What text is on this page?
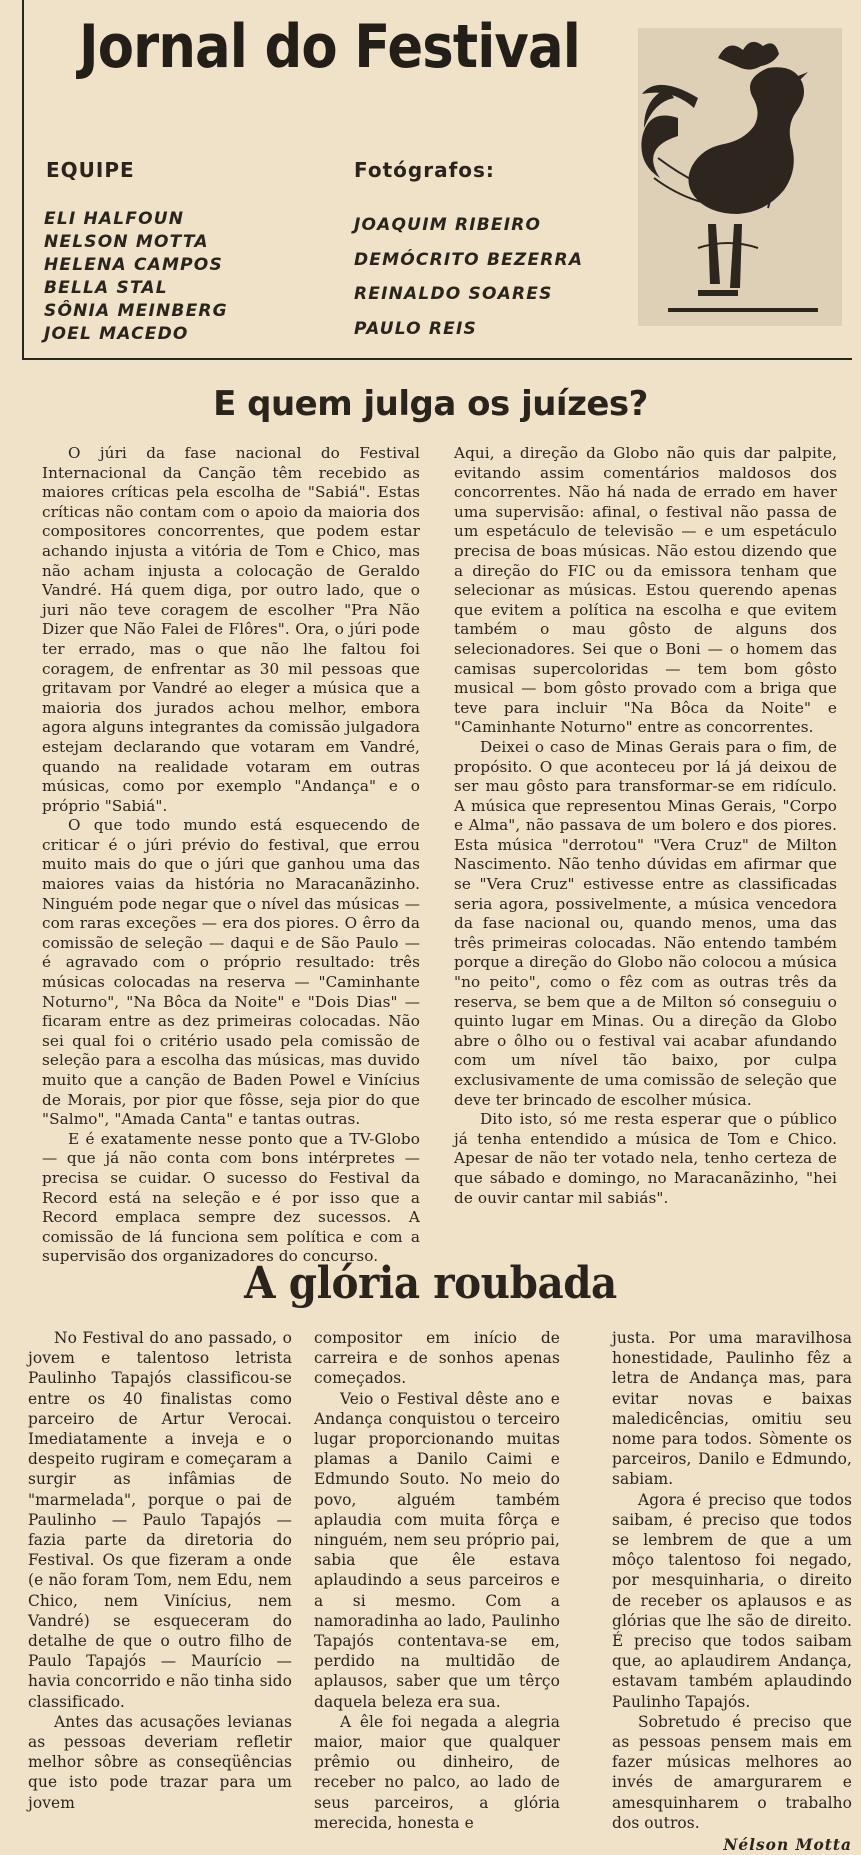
Jornal do Festival
EQUIPE	Fotógrafos:
ELI HALFOUN
NELSON MOTTA
HELENA CAMPOS
BELLA STAL
SÔNIA MEINBERG
JOEL MACEDO
JOAQUIM RIBEIRO
DEMÓCRITO BEZERRA
REINALDO SOARES
PAULO REIS
E quem julga os juízes?

O júri da fase nacional do Festival Internacional da Canção têm recebido as maiores críticas pela escolha de "Sabiá". Estas críticas não contam com o apoio da maioria dos compositores concorrentes, que podem estar achando injusta a vitória de Tom e Chico, mas não acham injusta a colocação de Geraldo Vandré. Há quem diga, por outro lado, que o juri não teve coragem de escolher "Pra Não Dizer que Não Falei de Flôres". Ora, o júri pode ter errado, mas o que não lhe faltou foi coragem, de enfrentar as 30 mil pessoas que gritavam por Vandré ao eleger a música que a maioria dos jurados achou melhor, embora agora alguns integrantes da comissão julgadora estejam declarando que votaram em Vandré, quando na realidade votaram em outras músicas, como por exemplo "Andança" e o próprio "Sabiá".

O que todo mundo está esquecendo de criticar é o júri prévio do festival, que errou muito mais do que o júri que ganhou uma das maiores vaias da história no Maracanãzinho. Ninguém pode negar que o nível das músicas — com raras exceções — era dos piores. O êrro da comissão de seleção — daqui e de São Paulo — é agravado com o próprio resultado: três músicas colocadas na reserva — "Caminhante Noturno", "Na Bôca da Noite" e "Dois Dias" — ficaram entre as dez primeiras colocadas. Não sei qual foi o critério usado pela comissão de seleção para a escolha das músicas, mas duvido muito que a canção de Baden Powel e Vinícius de Morais, por pior que fôsse, seja pior do que "Salmo", "Amada Canta" e tantas outras.

E é exatamente nesse ponto que a TV-Globo — que já não conta com bons intérpretes — precisa se cuidar. O sucesso do Festival da Record está na seleção e é por isso que a Record emplaca sempre dez sucessos. A comissão de lá funciona sem política e com a supervisão dos organizadores do concurso.

Aqui, a direção da Globo não quis dar palpite, evitando assim comentários maldosos dos concorrentes. Não há nada de errado em haver uma supervisão: afinal, o festival não passa de um espetáculo de televisão — e um espetáculo precisa de boas músicas. Não estou dizendo que a direção do FIC ou da emissora tenham que selecionar as músicas. Estou querendo apenas que evitem a política na escolha e que evitem também o mau gôsto de alguns dos selecionadores. Sei que o Boni — o homem das camisas supercoloridas — tem bom gôsto musical — bom gôsto provado com a briga que teve para incluir "Na Bôca da Noite" e "Caminhante Noturno" entre as concorrentes.

Deixei o caso de Minas Gerais para o fim, de propósito. O que aconteceu por lá já deixou de ser mau gôsto para transformar-se em ridículo. A música que representou Minas Gerais, "Corpo e Alma", não passava de um bolero e dos piores. Esta música "derrotou" "Vera Cruz" de Milton Nascimento. Não tenho dúvidas em afirmar que se "Vera Cruz" estivesse entre as classificadas seria agora, possivelmente, a música vencedora da fase nacional ou, quando menos, uma das três primeiras colocadas. Não entendo também porque a direção do Globo não colocou a música "no peito", como o fêz com as outras três da reserva, se bem que a de Milton só conseguiu o quinto lugar em Minas. Ou a direção da Globo abre o ôlho ou o festival vai acabar afundando com um nível tão baixo, por culpa exclusivamente de uma comissão de seleção que deve ter brincado de escolher música.

Dito isto, só me resta esperar que o público já tenha entendido a música de Tom e Chico. Apesar de não ter votado nela, tenho certeza de que sábado e domingo, no Maracanãzinho, "hei de ouvir cantar mil sabiás".

A glória roubada

No Festival do ano passado, o jovem e talentoso letrista Paulinho Tapajós classificou-se entre os 40 finalistas como parceiro de Artur Verocai. Imediatamente a inveja e o despeito rugiram e começaram a surgir as infâmias de "marmelada", porque o pai de Paulinho — Paulo Tapajós — fazia parte da diretoria do Festival. Os que fizeram a onde (e não foram Tom, nem Edu, nem Chico, nem Vinícius, nem Vandré) se esqueceram do detalhe de que o outro filho de Paulo Tapajós — Maurício — havia concorrido e não tinha sido classificado.

Antes das acusações levianas as pessoas deveriam refletir melhor sôbre as conseqüências que isto pode trazar para um jovem

compositor em início de carreira e de sonhos apenas começados.

Veio o Festival dêste ano e Andança conquistou o terceiro lugar proporcionando muitas plamas a Danilo Caimi e Edmundo Souto. No meio do povo, alguém também aplaudia com muita fôrça e ninguém, nem seu próprio pai, sabia que êle estava aplaudindo a seus parceiros e a si mesmo. Com a namoradinha ao lado, Paulinho Tapajós contentava-se em, perdido na multidão de aplausos, saber que um têrço daquela beleza era sua.

A êle foi negada a alegria maior, maior que qualquer prêmio ou dinheiro, de receber no palco, ao lado de seus parceiros, a glória merecida, honesta e

justa. Por uma maravilhosa honestidade, Paulinho fêz a letra de Andança mas, para evitar novas e baixas maledicências, omitiu seu nome para todos. Sòmente os parceiros, Danilo e Edmundo, sabiam.

Agora é preciso que todos saibam, é preciso que todos se lembrem de que a um môço talentoso foi negado, por mesquinharia, o direito de receber os aplausos e as glórias que lhe são de direito. É preciso que todos saibam que, ao aplaudirem Andança, estavam também aplaudindo Paulinho Tapajós.

Sobretudo é preciso que as pessoas pensem mais em fazer músicas melhores ao invés de amargurarem e amesquinharem o trabalho dos outros.

Nélson Motta
